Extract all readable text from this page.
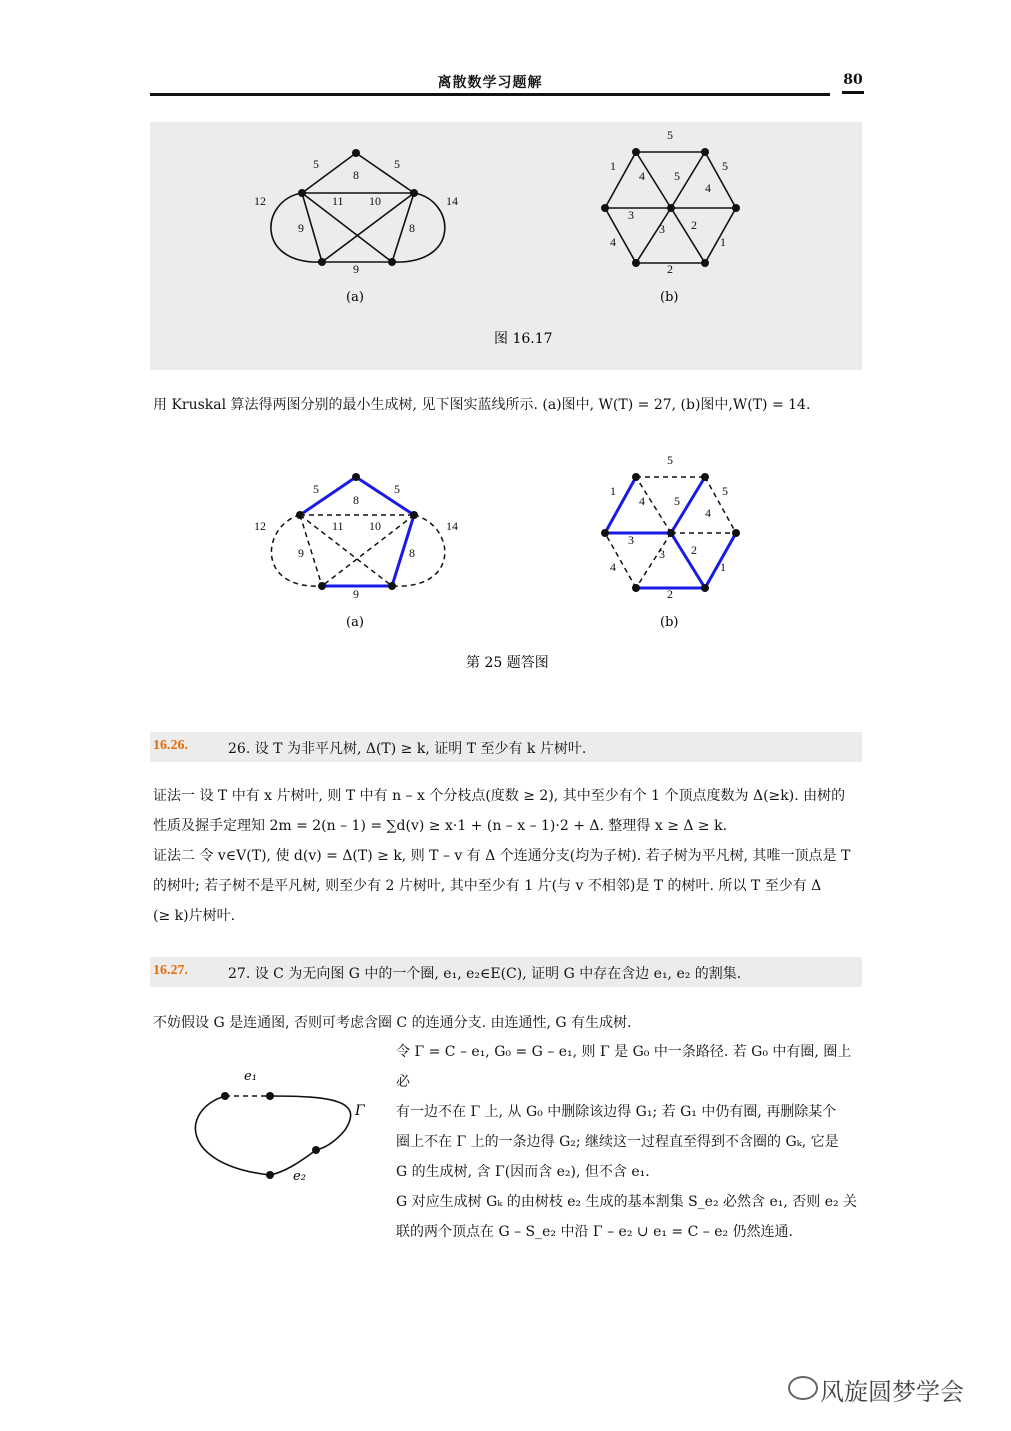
离散数学习题解	80
5	5
8
12	11 10	14
9	8
9
(a)
5
1	5
4 5
4
3
2
3
4	1
2
(b)
图 16.17
5	5
8
12	11 10	14
9	8
9
(a)
5
1	5
4 5
4
3
2
3
4	1
2
(b)
第 25 题答图
e₁
e₂
Γ
用 Kruskal 算法得两图分别的最小生成树, 见下图实蓝线所示. (a)图中, W(T) = 27, (b)图中,W(T) = 14.
16.26.	26. 设 T 为非平凡树, Δ(T) ≥ k, 证明 T 至少有 k 片树叶.
证法一 设 T 中有 x 片树叶, 则 T 中有 n – x 个分枝点(度数 ≥ 2), 其中至少有个 1 个顶点度数为 Δ(≥k). 由树的
性质及握手定理知 2m = 2(n – 1) = ∑d(v) ≥ x·1 + (n – x – 1)·2 + Δ. 整理得 x ≥ Δ ≥ k.
证法二 令 v∈V(T), 使 d(v) = Δ(T) ≥ k, 则 T – v 有 Δ 个连通分支(均为子树). 若子树为平凡树, 其唯一顶点是 T
的树叶; 若子树不是平凡树, 则至少有 2 片树叶, 其中至少有 1 片(与 v 不相邻)是 T 的树叶. 所以 T 至少有 Δ
(≥ k)片树叶.
16.27.	27. 设 C 为无向图 G 中的一个圈, e₁, e₂∈E(C), 证明 G 中存在含边 e₁, e₂ 的割集.
不妨假设 G 是连通图, 否则可考虑含圈 C 的连通分支. 由连通性, G 有生成树.
令 Γ = C – e₁, G₀ = G – e₁, 则 Γ 是 G₀ 中一条路径. 若 G₀ 中有圈, 圈上必
有一边不在 Γ 上, 从 G₀ 中删除该边得 G₁; 若 G₁ 中仍有圈, 再删除某个
圈上不在 Γ 上的一条边得 G₂; 继续这一过程直至得到不含圈的 Gₖ, 它是
G 的生成树, 含 Γ(因而含 e₂), 但不含 e₁.
G 对应生成树 Gₖ 的由树枝 e₂ 生成的基本割集 S_e₂ 必然含 e₁, 否则 e₂ 关
联的两个顶点在 G – S_e₂ 中沿 Γ – e₂ ∪ e₁ = C – e₂ 仍然连通.
风旋圆梦学会
